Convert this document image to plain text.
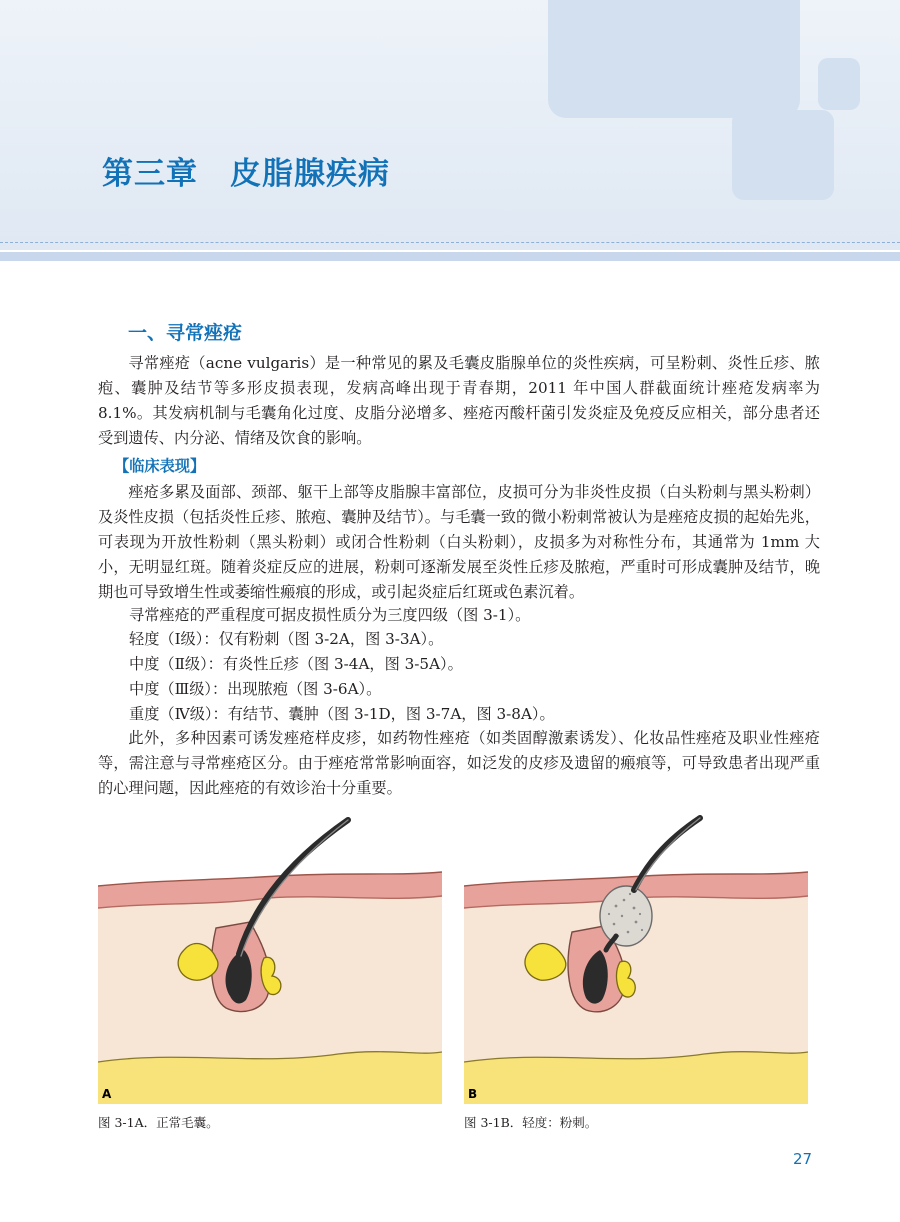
第三章 皮脂腺疾病
一、寻常痤疮

寻常痤疮（acne vulgaris）是一种常见的累及毛囊皮脂腺单位的炎性疾病，可呈粉刺、炎性丘疹、脓疱、囊肿及结节等多形皮损表现，发病高峰出现于青春期，2011 年中国人群截面统计痤疮发病率为 8.1%。其发病机制与毛囊角化过度、皮脂分泌增多、痤疮丙酸杆菌引发炎症及免疫反应相关，部分患者还受到遗传、内分泌、情绪及饮食的影响。

【临床表现】

痤疮多累及面部、颈部、躯干上部等皮脂腺丰富部位，皮损可分为非炎性皮损（白头粉刺与黑头粉刺）及炎性皮损（包括炎性丘疹、脓疱、囊肿及结节）。与毛囊一致的微小粉刺常被认为是痤疮皮损的起始先兆，可表现为开放性粉刺（黑头粉刺）或闭合性粉刺（白头粉刺），皮损多为对称性分布，其通常为 1mm 大小，无明显红斑。随着炎症反应的进展，粉刺可逐渐发展至炎性丘疹及脓疱，严重时可形成囊肿及结节，晚期也可导致增生性或萎缩性瘢痕的形成，或引起炎症后红斑或色素沉着。

寻常痤疮的严重程度可据皮损性质分为三度四级（图 3-1）。
轻度（Ⅰ级）：仅有粉刺（图 3-2A，图 3-3A）。
中度（Ⅱ级）：有炎性丘疹（图 3-4A，图 3-5A）。
中度（Ⅲ级）：出现脓疱（图 3-6A）。
重度（Ⅳ级）：有结节、囊肿（图 3-1D，图 3-7A，图 3-8A）。

此外，多种因素可诱发痤疮样皮疹，如药物性痤疮（如类固醇激素诱发）、化妆品性痤疮及职业性痤疮等，需注意与寻常痤疮区分。由于痤疮常常影响面容，如泛发的皮疹及遗留的瘢痕等，可导致患者出现严重的心理问题，因此痤疮的有效诊治十分重要。

A	B
图 3-1A．正常毛囊。	图 3-1B．轻度：粉刺。
27
